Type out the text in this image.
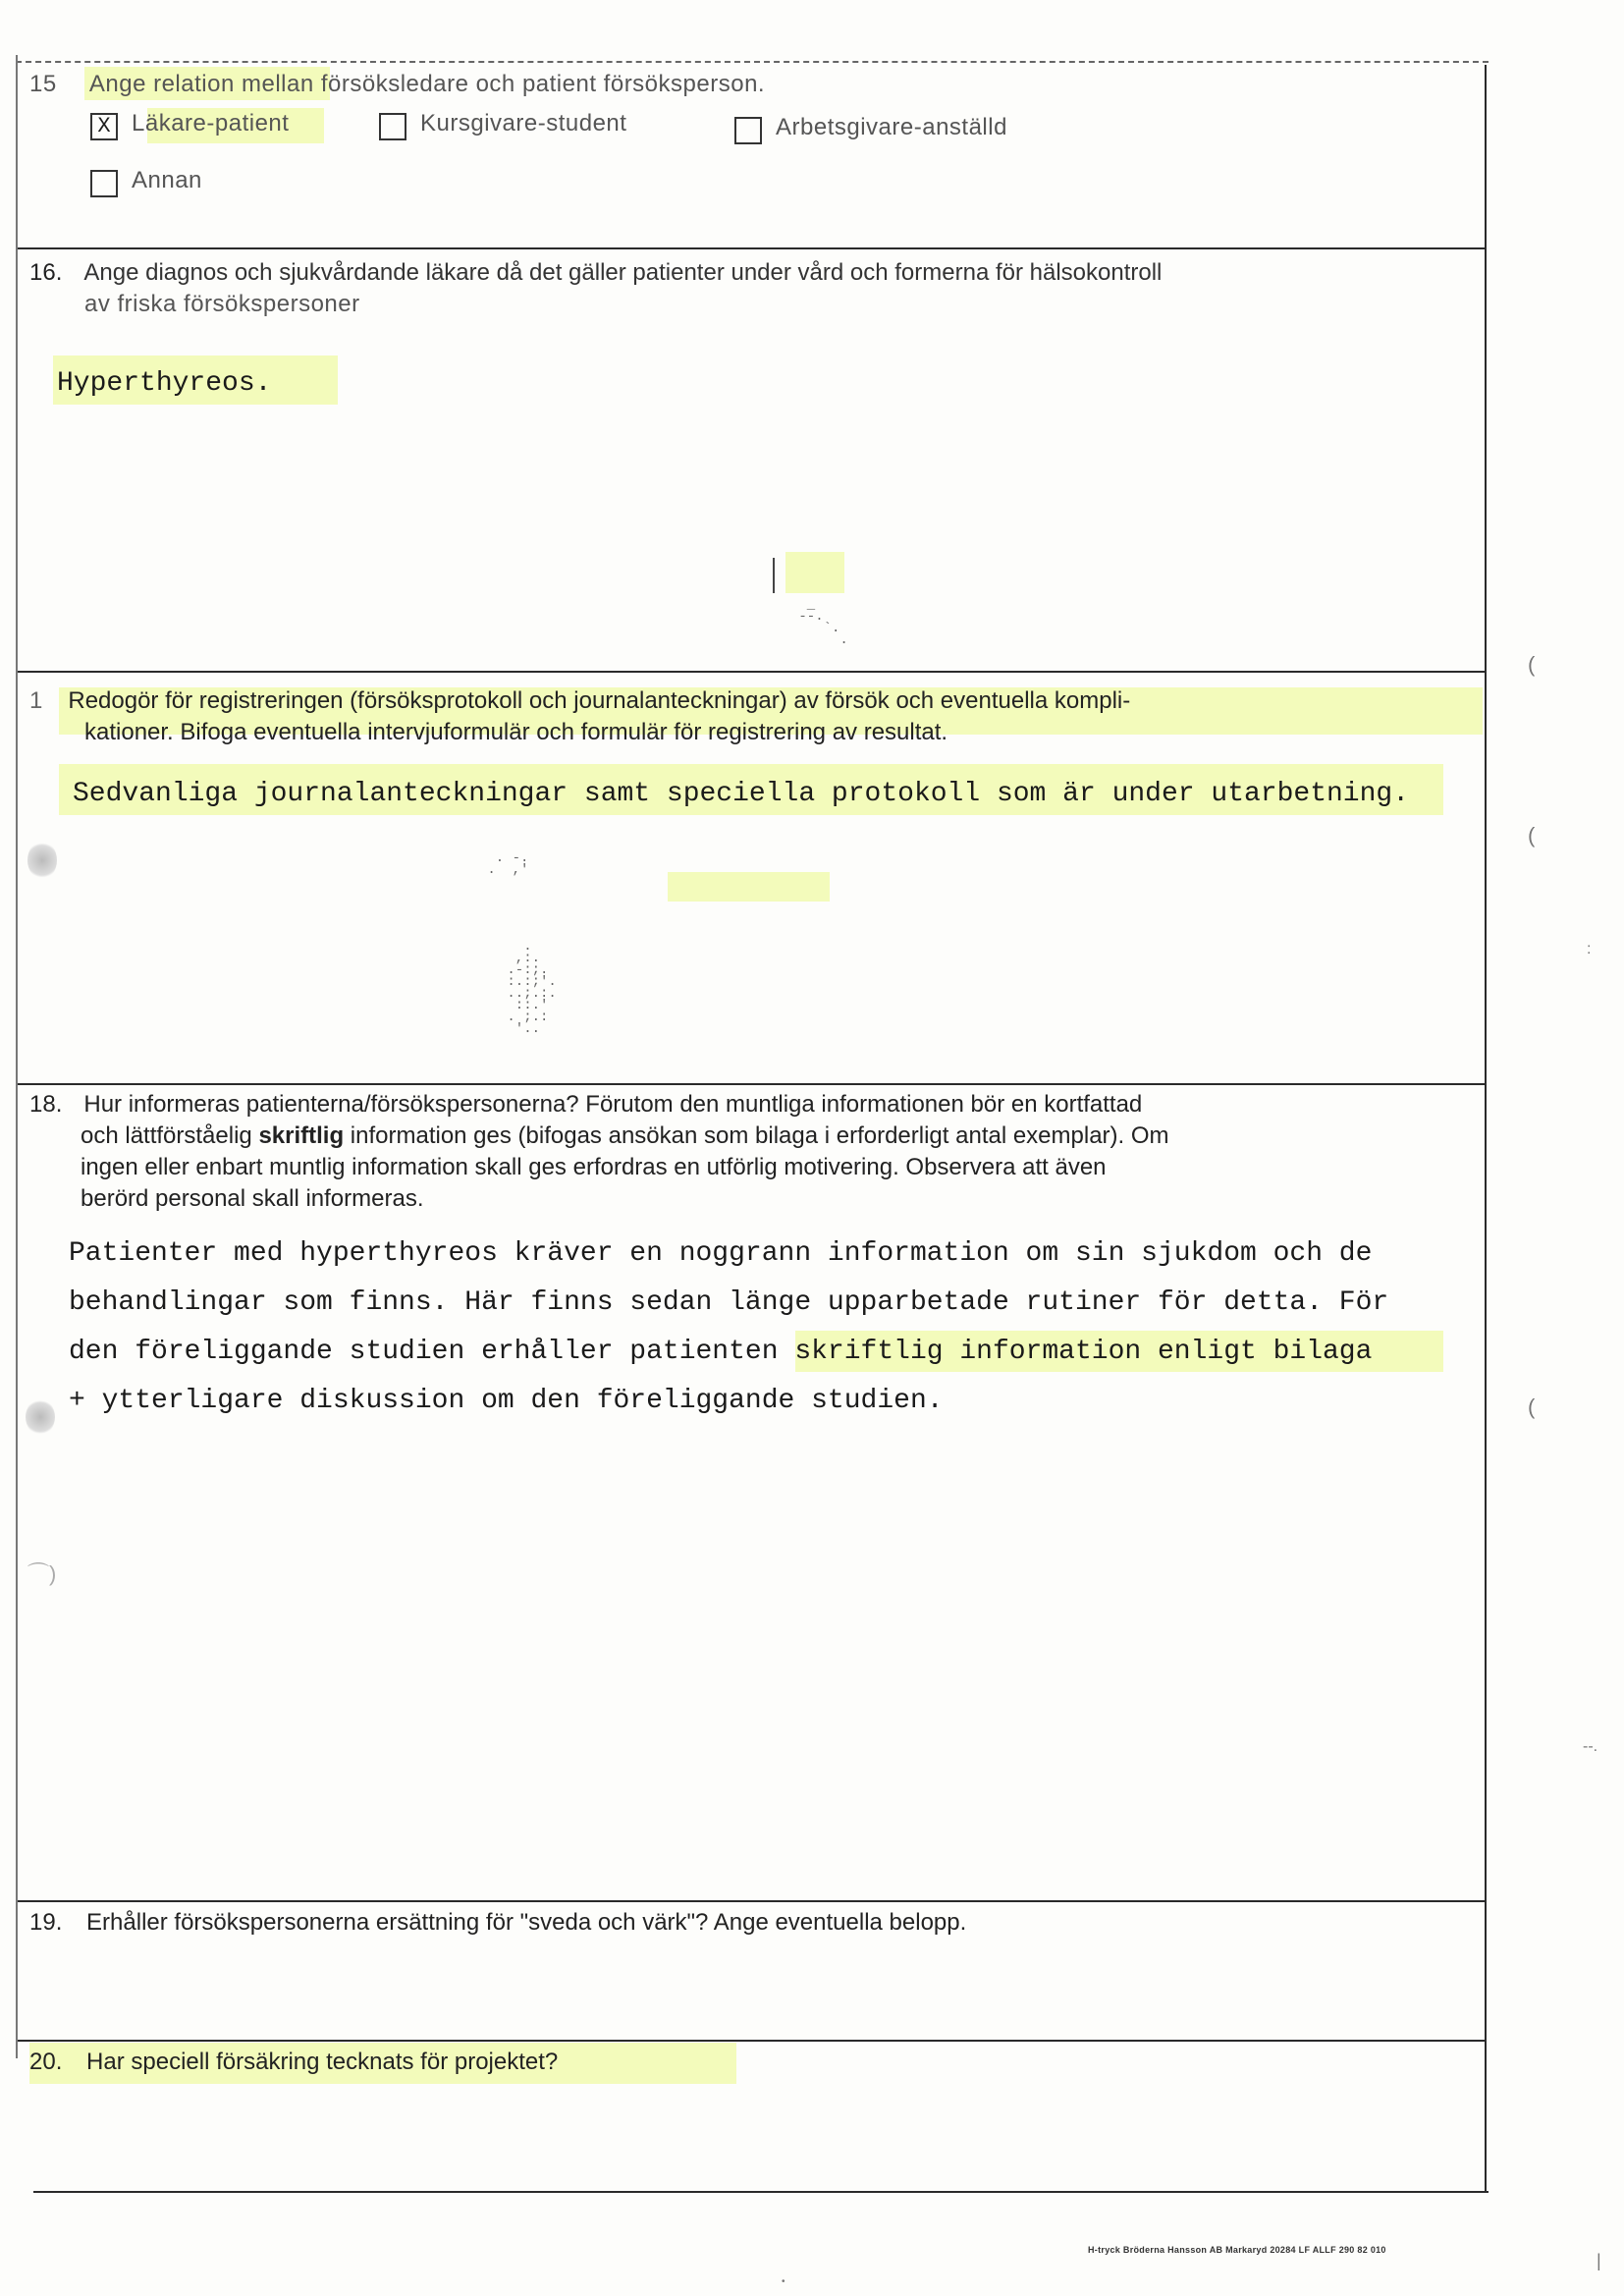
15 Ange relation mellan försöksledare och patient försöksperson.
X Läkare-patient	Kursgivare-student	Arbetsgivare-anställd
Annan
16. Ange diagnos och sjukvårdande läkare då det gäller patienter under vård och formerna för hälsokontroll
av friska försökspersoner
Hyperthyreos.
_
--.
`.
.
1 Redogör för registreringen (försöksprotokoll och journalanteckningar) av försök och eventuella kompli-
kationer. Bifoga eventuella intervjuformulär och formulär för registrering av resultat.
Sedvanliga journalanteckningar samt speciella protokoll som är under utarbetning.
. -.
.  ,'
.
,:.
.-:;.
:.:;'.
..;.:.
::.'
. ;.:
'..
18. Hur informeras patienterna/försökspersonerna? Förutom den muntliga informationen bör en kortfattad
och lättförståelig skriftlig information ges (bifogas ansökan som bilaga i erforderligt antal exemplar). Om
ingen eller enbart muntlig information skall ges erfordras en utförlig motivering. Observera att även
berörd personal skall informeras.
Patienter med hyperthyreos kräver en noggrann information om sin sjukdom och de
behandlingar som finns. Här finns sedan länge upparbetade rutiner för detta. För
den föreliggande studien erhåller patienten skriftlig information enligt bilaga
+ ytterligare diskussion om den föreliggande studien.
⌒)
19. Erhåller försökspersonerna ersättning för "sveda och värk"? Ange eventuella belopp.
20. Har speciell försäkring tecknats för projektet?
(
(
:
(
--.
|
•
H-tryck Bröderna Hansson AB Markaryd 20284 LF ALLF 290 82 010
